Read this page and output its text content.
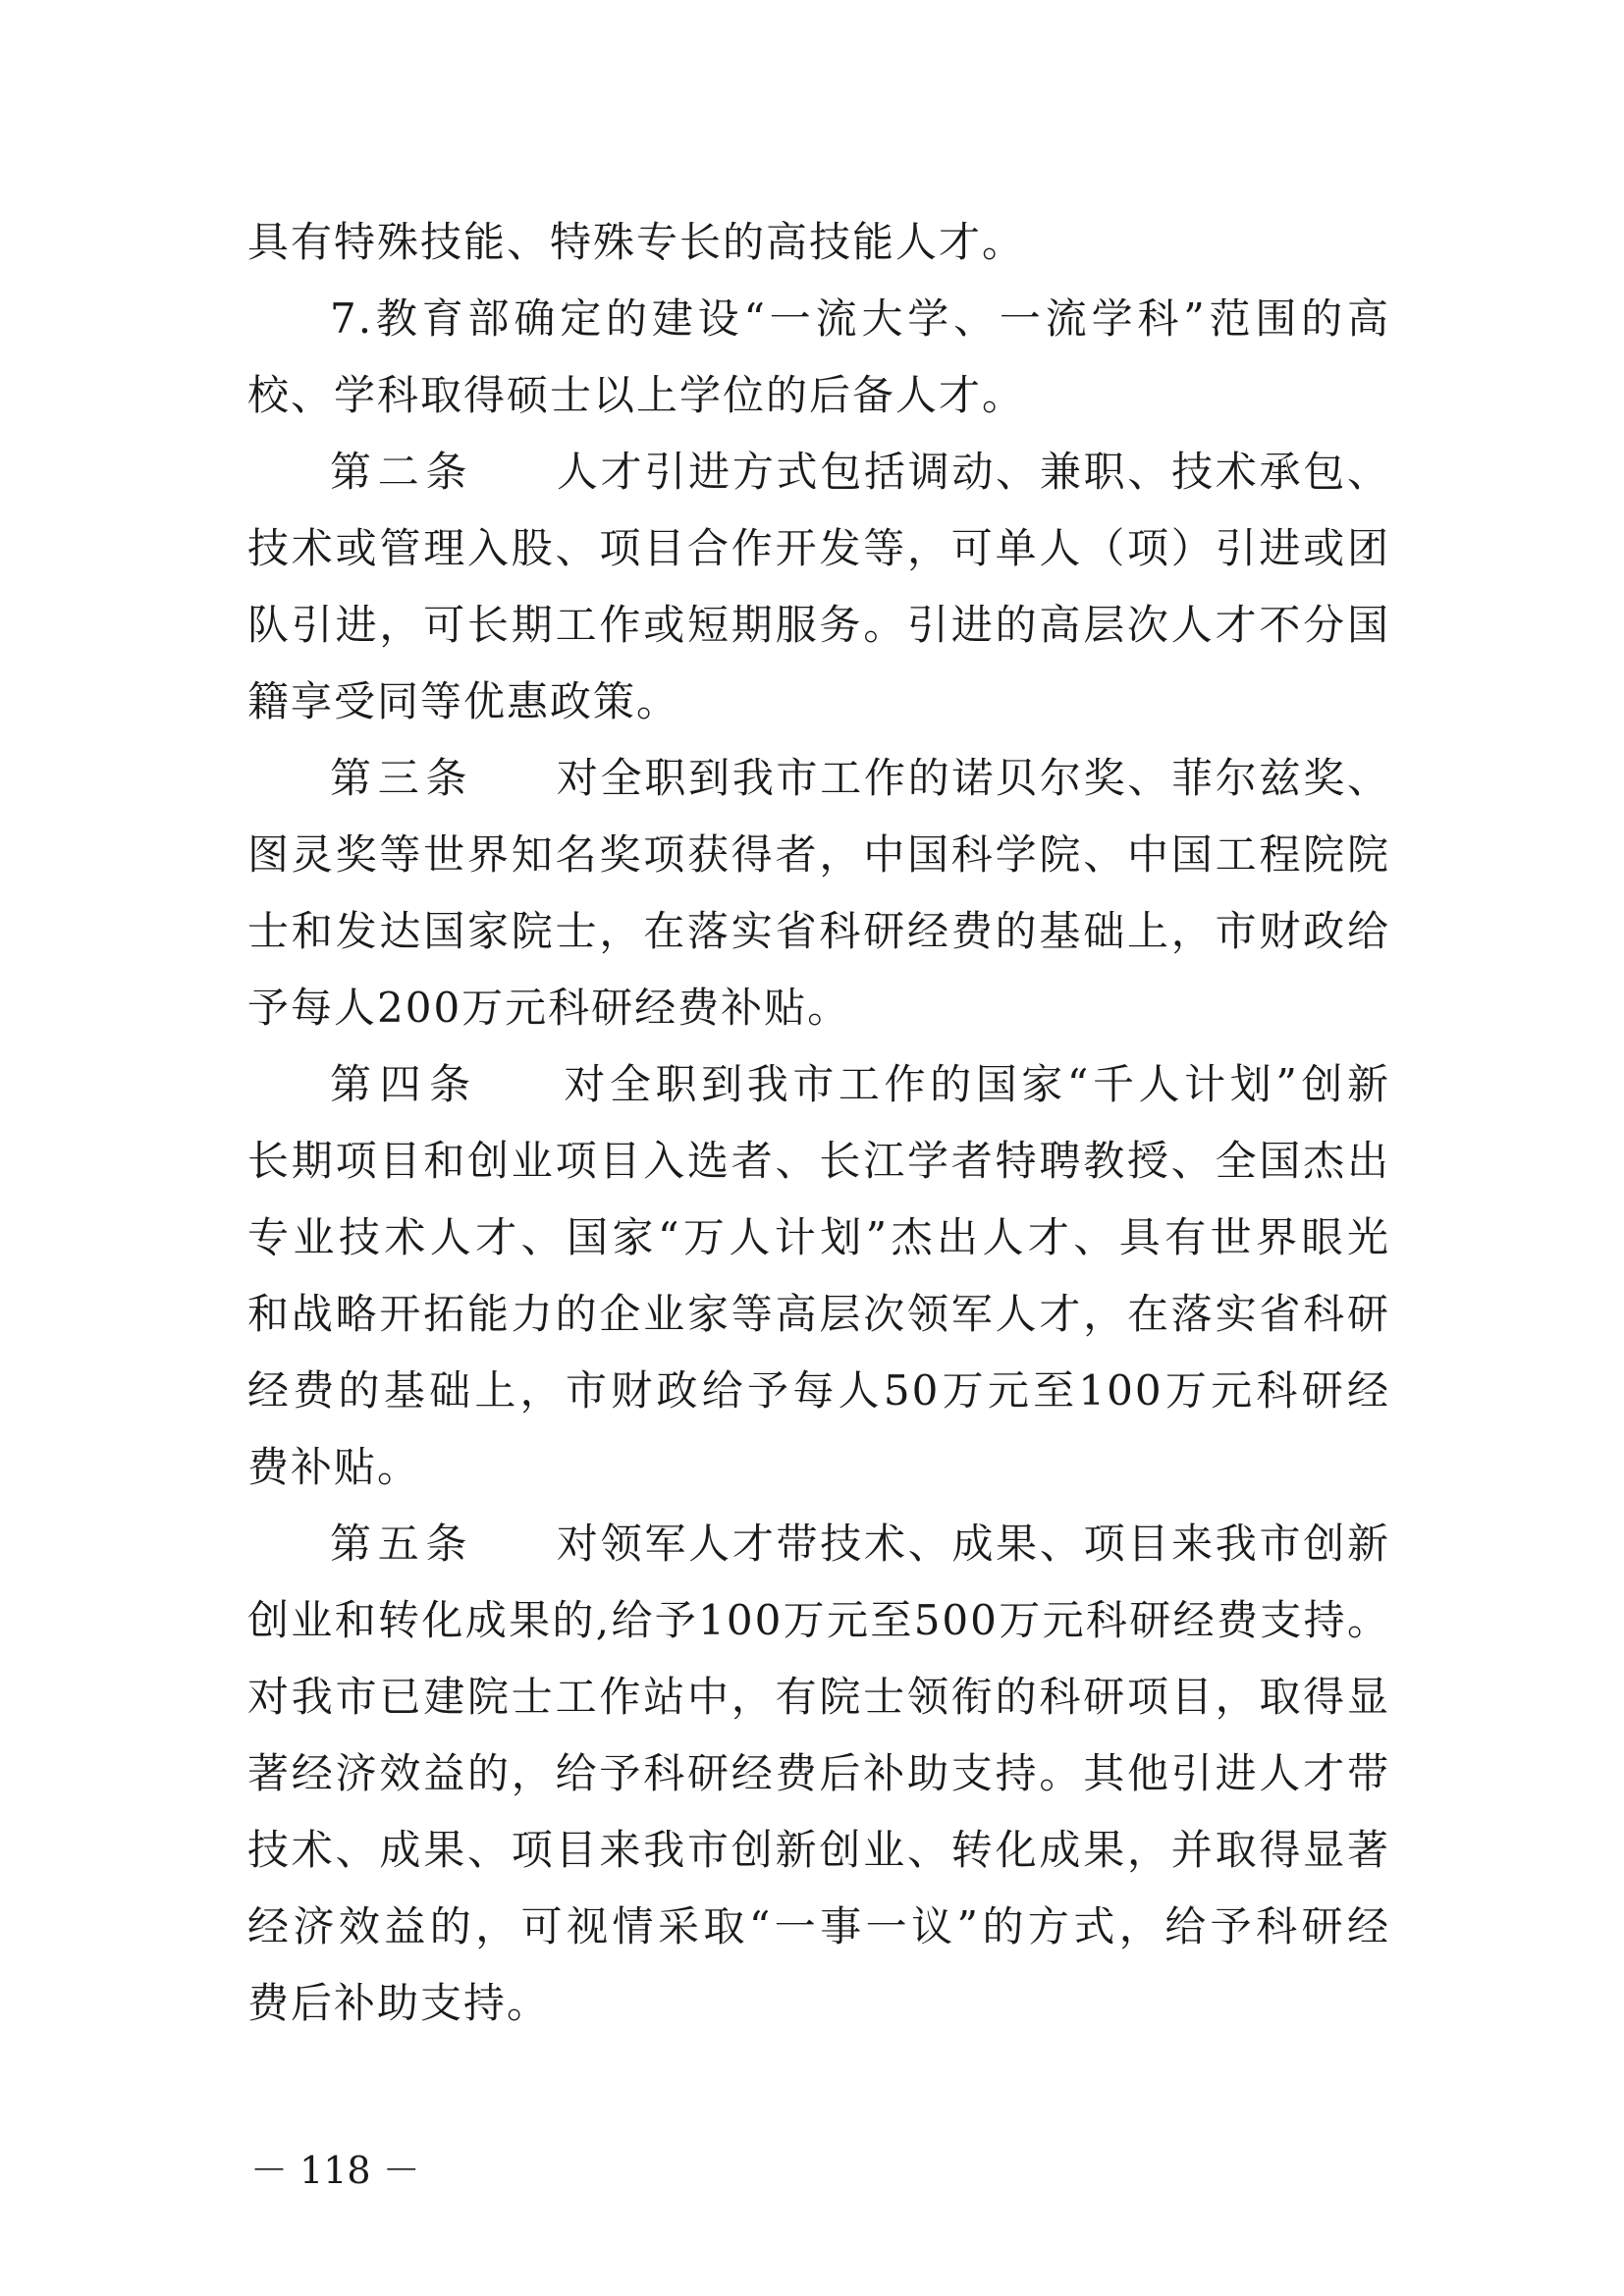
具有特殊技能、特殊专长的高技能人才。
7.教育部确定的建设“一流大学、一流学科”范围的高
校、学科取得硕士以上学位的后备人才。
第二条 人才引进方式包括调动、兼职、技术承包、
技术或管理入股、项目合作开发等，可单人（项）引进或团
队引进，可长期工作或短期服务。引进的高层次人才不分国
籍享受同等优惠政策。
第三条 对全职到我市工作的诺贝尔奖、菲尔兹奖、
图灵奖等世界知名奖项获得者，中国科学院、中国工程院院
士和发达国家院士，在落实省科研经费的基础上，市财政给
予每人200万元科研经费补贴。
第四条 对全职到我市工作的国家“千人计划”创新
长期项目和创业项目入选者、长江学者特聘教授、全国杰出
专业技术人才、国家“万人计划”杰出人才、具有世界眼光
和战略开拓能力的企业家等高层次领军人才，在落实省科研
经费的基础上，市财政给予每人50万元至100万元科研经
费补贴。
第五条 对领军人才带技术、成果、项目来我市创新
创业和转化成果的,给予100万元至500万元科研经费支持。
对我市已建院士工作站中，有院士领衔的科研项目，取得显
著经济效益的，给予科研经费后补助支持。其他引进人才带
技术、成果、项目来我市创新创业、转化成果，并取得显著
经济效益的，可视情采取“一事一议”的方式，给予科研经
费后补助支持。
－ 118 －
